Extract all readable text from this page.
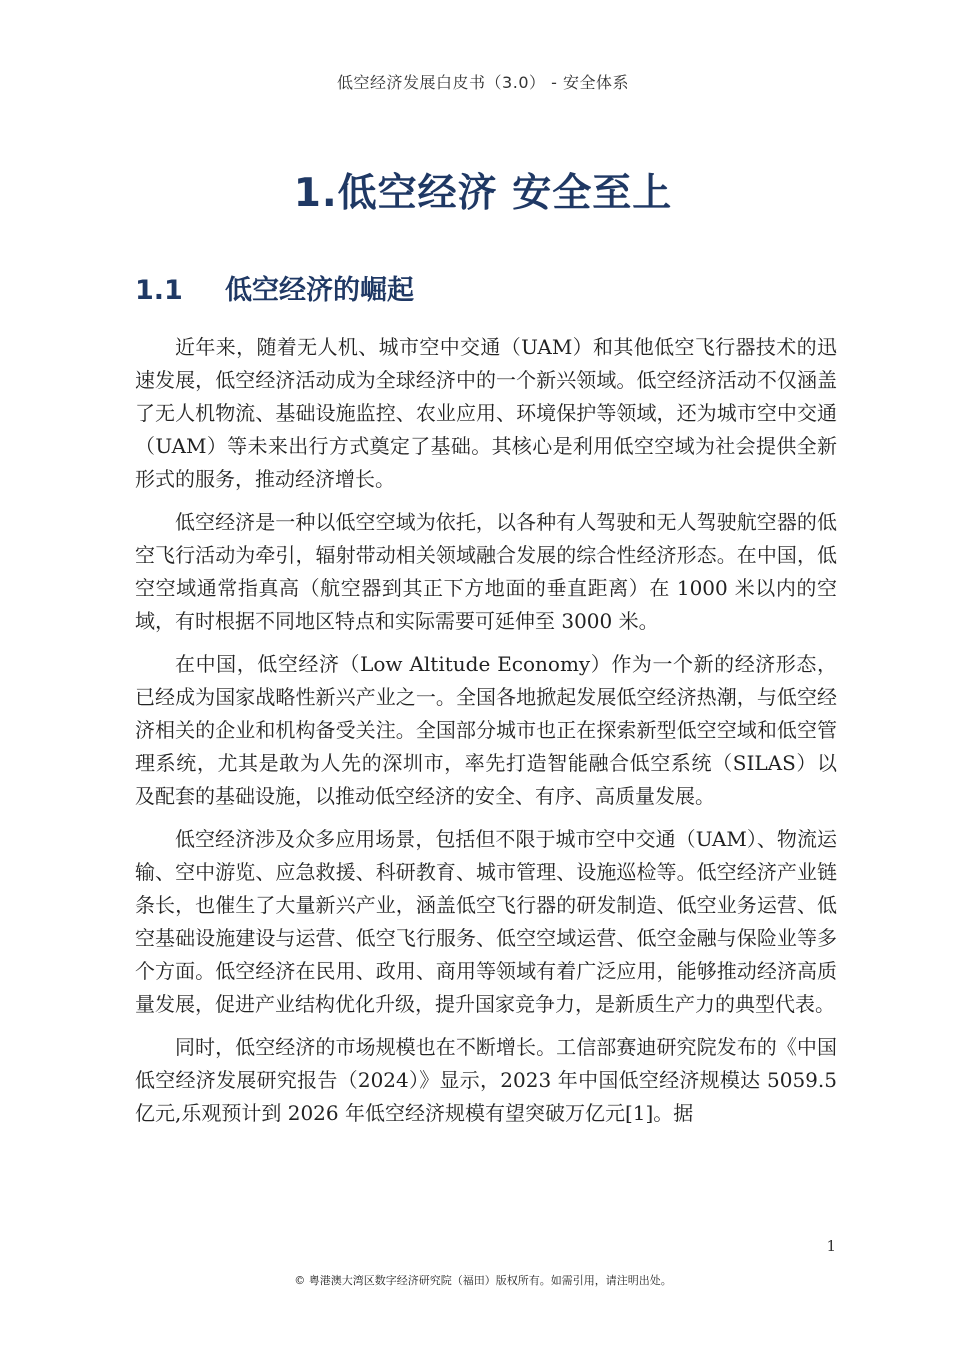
低空经济发展白皮书（3.0） - 安全体系
1.低空经济 安全至上
1.1 低空经济的崛起

近年来，随着无人机、城市空中交通（UAM）和其他低空飞行器技术的迅速发展，低空经济活动成为全球经济中的一个新兴领域。低空经济活动不仅涵盖了无人机物流、基础设施监控、农业应用、环境保护等领域，还为城市空中交通（UAM）等未来出行方式奠定了基础。其核心是利用低空空域为社会提供全新形式的服务，推动经济增长。

低空经济是一种以低空空域为依托，以各种有人驾驶和无人驾驶航空器的低空飞行活动为牵引，辐射带动相关领域融合发展的综合性经济形态。在中国，低空空域通常指真高（航空器到其正下方地面的垂直距离）在 1000 米以内的空域，有时根据不同地区特点和实际需要可延伸至 3000 米。

在中国，低空经济（Low Altitude Economy）作为一个新的经济形态，已经成为国家战略性新兴产业之一。全国各地掀起发展低空经济热潮，与低空经济相关的企业和机构备受关注。全国部分城市也正在探索新型低空空域和低空管理系统，尤其是敢为人先的深圳市，率先打造智能融合低空系统（SILAS）以及配套的基础设施，以推动低空经济的安全、有序、高质量发展。

低空经济涉及众多应用场景，包括但不限于城市空中交通（UAM）、物流运输、空中游览、应急救援、科研教育、城市管理、设施巡检等。低空经济产业链条长，也催生了大量新兴产业，涵盖低空飞行器的研发制造、低空业务运营、低空基础设施建设与运营、低空飞行服务、低空空域运营、低空金融与保险业等多个方面。低空经济在民用、政用、商用等领域有着广泛应用，能够推动经济高质量发展，促进产业结构优化升级，提升国家竞争力，是新质生产力的典型代表。

同时，低空经济的市场规模也在不断增长。工信部赛迪研究院发布的《中国低空经济发展研究报告（2024）》显示，2023 年中国低空经济规模达 5059.5 亿元,乐观预计到 2026 年低空经济规模有望突破万亿元[1]。据

1
© 粤港澳大湾区数字经济研究院（福田）版权所有。如需引用，请注明出处。
